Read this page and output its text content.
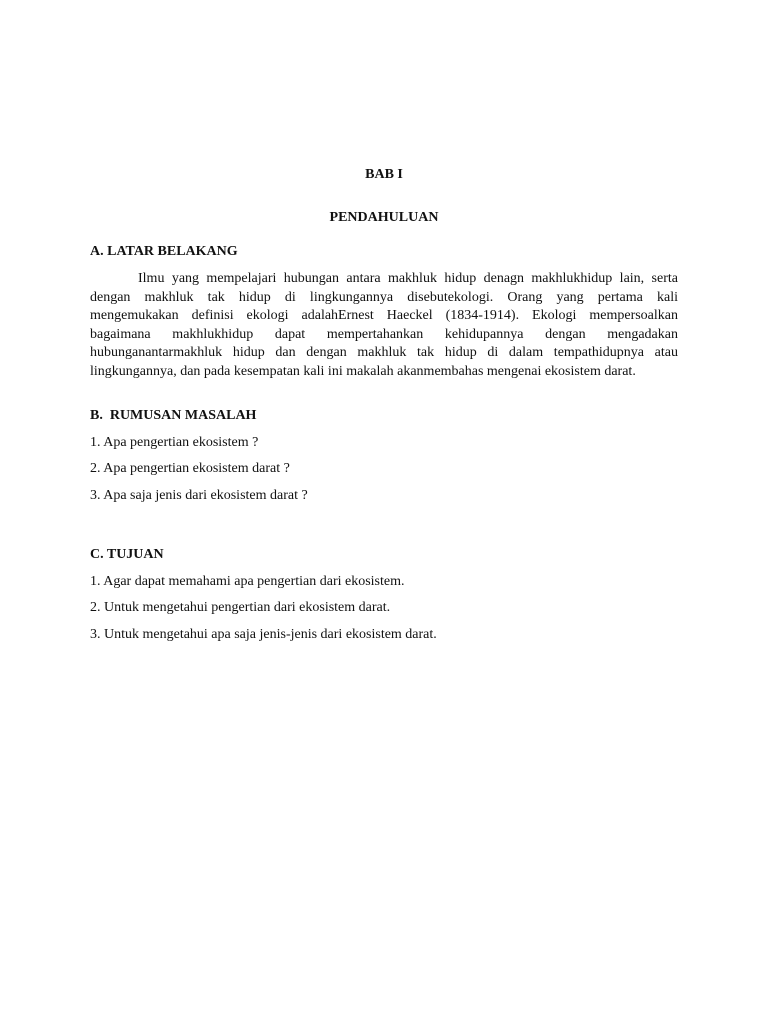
BAB I
PENDAHULUAN
A. LATAR BELAKANG
Ilmu yang mempelajari hubungan antara makhluk hidup denagn makhlukhidup lain, serta
dengan makhluk tak hidup di lingkungannya disebutekologi. Orang yang pertama kali
mengemukakan definisi ekologi adalahErnest Haeckel (1834-1914). Ekologi mempersoalkan
bagaimana makhlukhidup dapat mempertahankan kehidupannya dengan mengadakan
hubunganantarmakhluk hidup dan dengan makhluk tak hidup di dalam tempathidupnya atau
lingkungannya, dan pada kesempatan kali ini makalah akanmembahas mengenai ekosistem darat.
B.  RUMUSAN MASALAH
1. Apa pengertian ekosistem ?
2. Apa pengertian ekosistem darat ?
3. Apa saja jenis dari ekosistem darat ?
C. TUJUAN
1. Agar dapat memahami apa pengertian dari ekosistem.
2. Untuk mengetahui pengertian dari ekosistem darat.
3. Untuk mengetahui apa saja jenis-jenis dari ekosistem darat.
